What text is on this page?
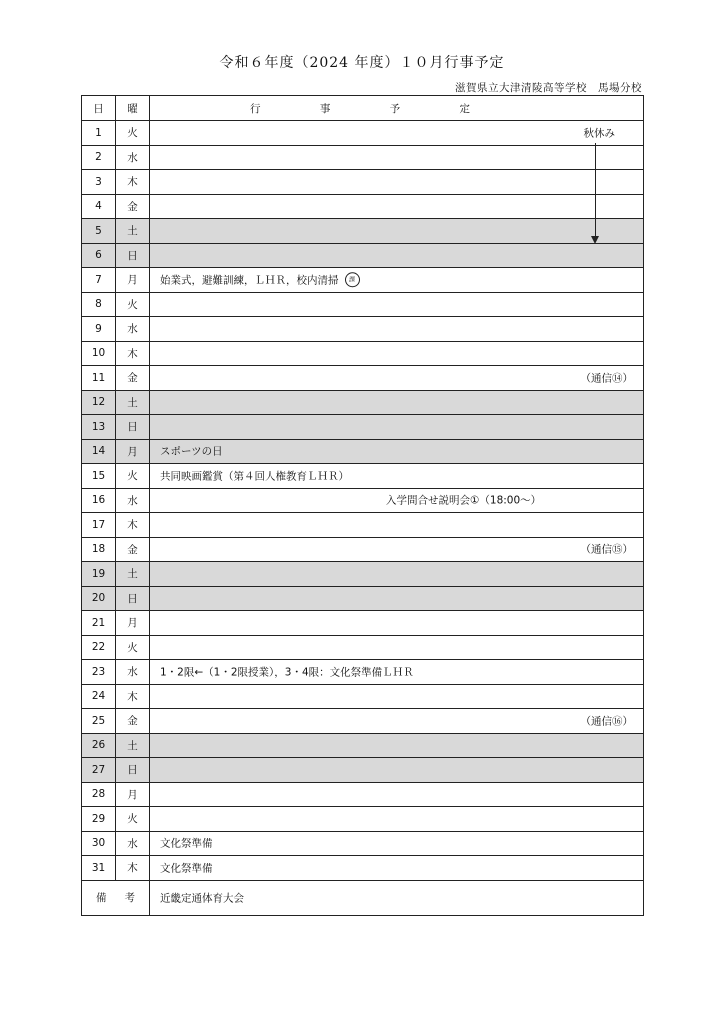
令和６年度（2024 年度）１０月行事予定
滋賀県立大津清陵高等学校　馬場分校
日	曜	行 事 予 定

1	火	秋休み

2	水	
3	木	
4	金	
5	土	
6	日	
7	月	始業式，避難訓練，ＬＨＲ，校内清掃 課

8	火	
9	水	
10	木	
11	金	（通信⑭）

12	土	
13	日	
14	月	スポーツの日

15	火	共同映画鑑賞（第４回人権教育ＬＨＲ）

16	水	入学問合せ説明会①（18:00～）

17	木	
18	金	（通信⑮）

19	土	
20	日	
21	月	
22	火	
23	水	1・2限←（1・2限授業），3・4限：文化祭準備ＬＨＲ

24	木	
25	金	（通信⑯）

26	土	
27	日	
28	月	
29	火	
30	水	文化祭準備

31	木	文化祭準備

備 考		近畿定通体育大会
